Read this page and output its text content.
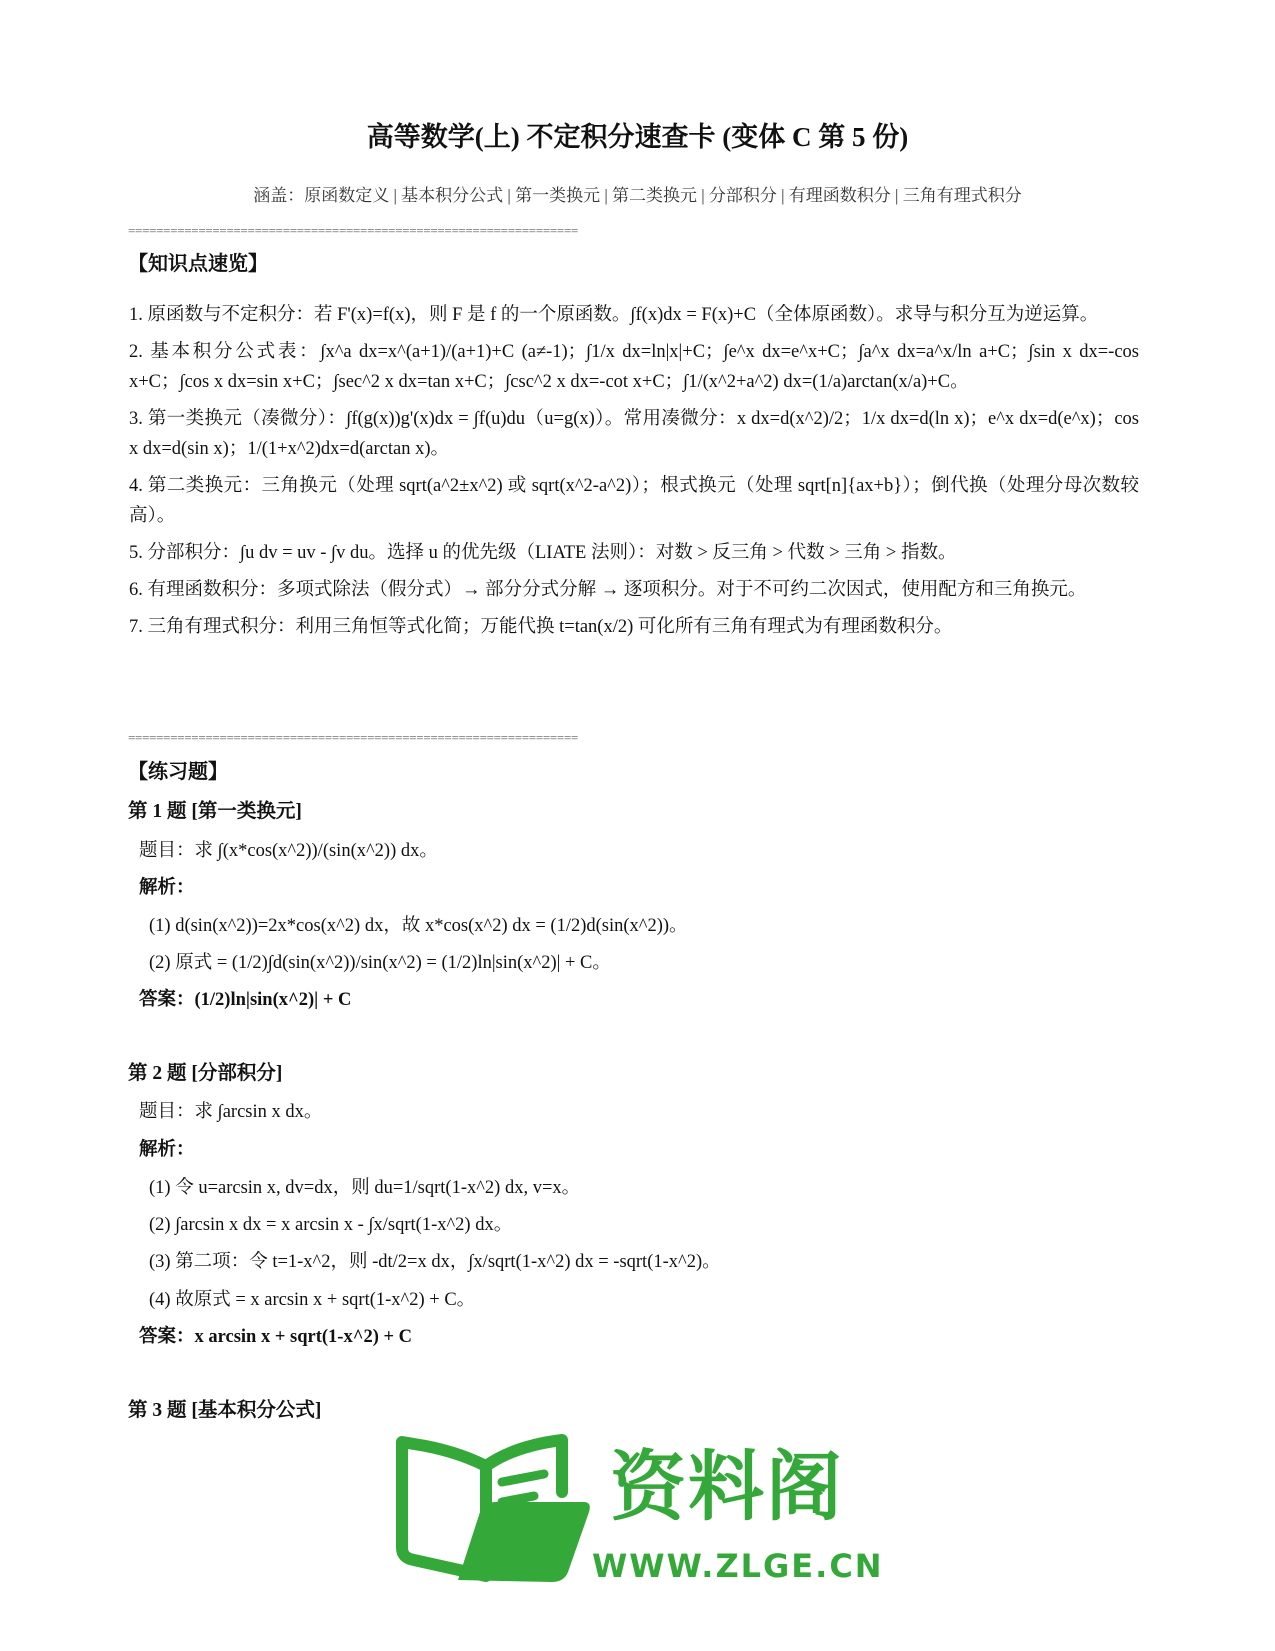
高等数学(上) 不定积分速查卡 (变体 C 第 5 份)
涵盖：原函数定义 | 基本积分公式 | 第一类换元 | 第二类换元 | 分部积分 | 有理函数积分 | 三角有理式积分
================================================================
【知识点速览】

1. 原函数与不定积分：若 F'(x)=f(x)，则 F 是 f 的一个原函数。∫f(x)dx = F(x)+C（全体原函数）。求导与积分互为逆运算。

2. 基本积分公式表：∫x^a dx=x^(a+1)/(a+1)+C (a≠-1)；∫1/x dx=ln|x|+C；∫e^x dx=e^x+C；∫a^x dx=a^x/ln a+C；∫sin x dx=-cos x+C；∫cos x dx=sin x+C；∫sec^2 x dx=tan x+C；∫csc^2 x dx=-cot x+C；∫1/(x^2+a^2) dx=(1/a)arctan(x/a)+C。

3. 第一类换元（凑微分）：∫f(g(x))g'(x)dx = ∫f(u)du（u=g(x)）。常用凑微分：x dx=d(x^2)/2；1/x dx=d(ln x)；e^x dx=d(e^x)；cos x dx=d(sin x)；1/(1+x^2)dx=d(arctan x)。

4. 第二类换元：三角换元（处理 sqrt(a^2±x^2) 或 sqrt(x^2-a^2)）；根式换元（处理 sqrt[n]{ax+b}）；倒代换（处理分母次数较高）。

5. 分部积分：∫u dv = uv - ∫v du。选择 u 的优先级（LIATE 法则）：对数 > 反三角 > 代数 > 三角 > 指数。

6. 有理函数积分：多项式除法（假分式）→ 部分分式分解 → 逐项积分。对于不可约二次因式，使用配方和三角换元。

7. 三角有理式积分：利用三角恒等式化简；万能代换 t=tan(x/2) 可化所有三角有理式为有理函数积分。

================================================================
【练习题】
第 1 题 [第一类换元]
题目：求 ∫(x*cos(x^2))/(sin(x^2)) dx。
解析：
(1) d(sin(x^2))=2x*cos(x^2) dx，故 x*cos(x^2) dx = (1/2)d(sin(x^2))。
(2) 原式 = (1/2)∫d(sin(x^2))/sin(x^2) = (1/2)ln|sin(x^2)| + C。
答案：(1/2)ln|sin(x^2)| + C
第 2 题 [分部积分]
题目：求 ∫arcsin x dx。
解析：
(1) 令 u=arcsin x, dv=dx，则 du=1/sqrt(1-x^2) dx, v=x。
(2) ∫arcsin x dx = x arcsin x - ∫x/sqrt(1-x^2) dx。
(3) 第二项：令 t=1-x^2，则 -dt/2=x dx，∫x/sqrt(1-x^2) dx = -sqrt(1-x^2)。
(4) 故原式 = x arcsin x + sqrt(1-x^2) + C。
答案：x arcsin x + sqrt(1-x^2) + C
第 3 题 [基本积分公式]
资料阁
WWW.ZLGE.CN
